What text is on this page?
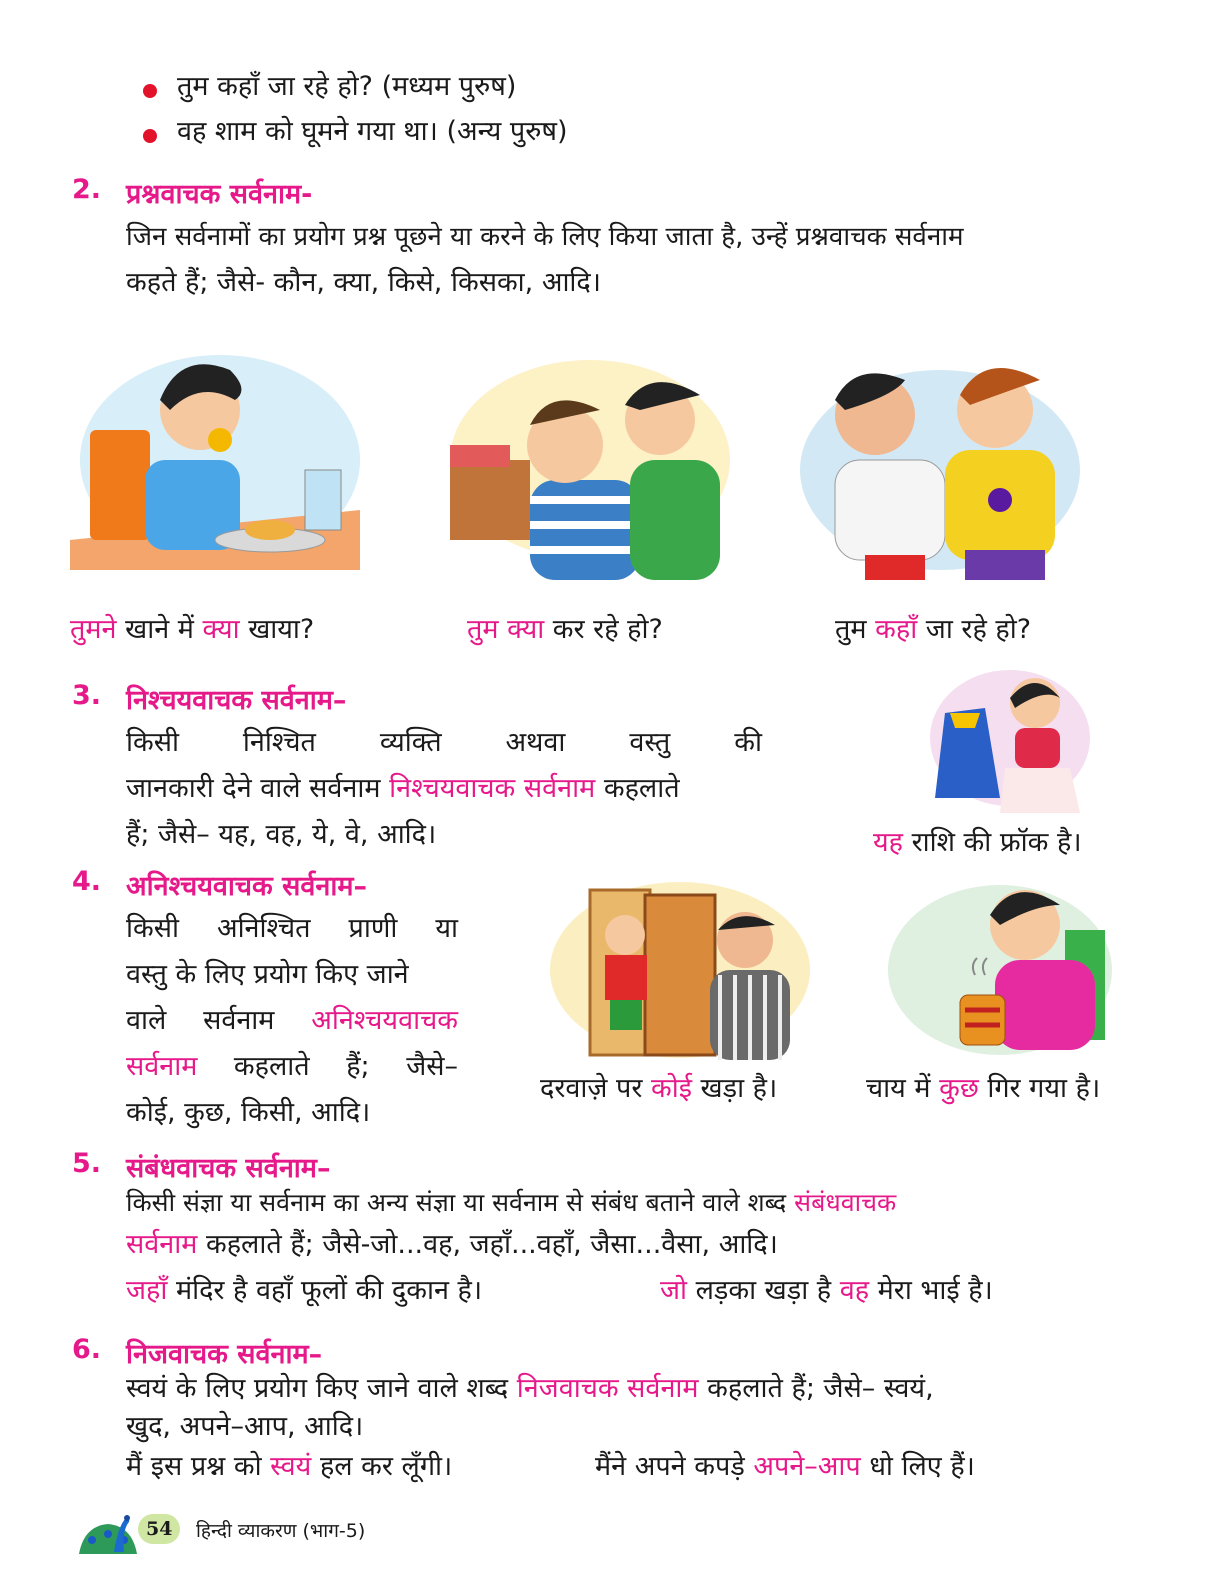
तुम कहाँ जा रहे हो? (मध्यम पुरुष)
वह शाम को घूमने गया था। (अन्य पुरुष)
2. प्रश्नवाचक सर्वनाम-
जिन सर्वनामों का प्रयोग प्रश्न पूछने या करने के लिए किया जाता है, उन्हें प्रश्नवाचक सर्वनाम
कहते हैं; जैसे- कौन, क्या, किसे, किसका, आदि।
तुमने खाने में क्या खाया?	तुम क्या कर रहे हो?	तुम कहाँ जा रहे हो?
3. निश्चयवाचक सर्वनाम–
किसी निश्चित व्यक्ति अथवा वस्तु की
जानकारी देने वाले सर्वनाम निश्चयवाचक सर्वनाम कहलाते
हैं; जैसे– यह, वह, ये, वे, आदि।	यह राशि की फ्रॉक है।
4. अनिश्चयवाचक सर्वनाम–
किसी अनिश्चित प्राणी या
वस्तु के लिए प्रयोग किए जाने
वाले सर्वनाम अनिश्चयवाचक
सर्वनाम कहलाते हैं; जैसे–
कोई, कुछ, किसी, आदि।
दरवाज़े पर कोई खड़ा है।	चाय में कुछ गिर गया है।
5. संबंधवाचक सर्वनाम–
किसी संज्ञा या सर्वनाम का अन्य संज्ञा या सर्वनाम से संबंध बताने वाले शब्द संबंधवाचक
सर्वनाम कहलाते हैं; जैसे-जो...वह, जहाँ...वहाँ, जैसा...वैसा, आदि।
जहाँ मंदिर है वहाँ फूलों की दुकान है।	जो लड़का खड़ा है वह मेरा भाई है।
6. निजवाचक सर्वनाम–
स्वयं के लिए प्रयोग किए जाने वाले शब्द निजवाचक सर्वनाम कहलाते हैं; जैसे– स्वयं,
खुद, अपने–आप, आदि।
मैं इस प्रश्न को स्वयं हल कर लूँगी।	मैंने अपने कपड़े अपने–आप धो लिए हैं।
54 हिन्दी व्याकरण (भाग-5)
